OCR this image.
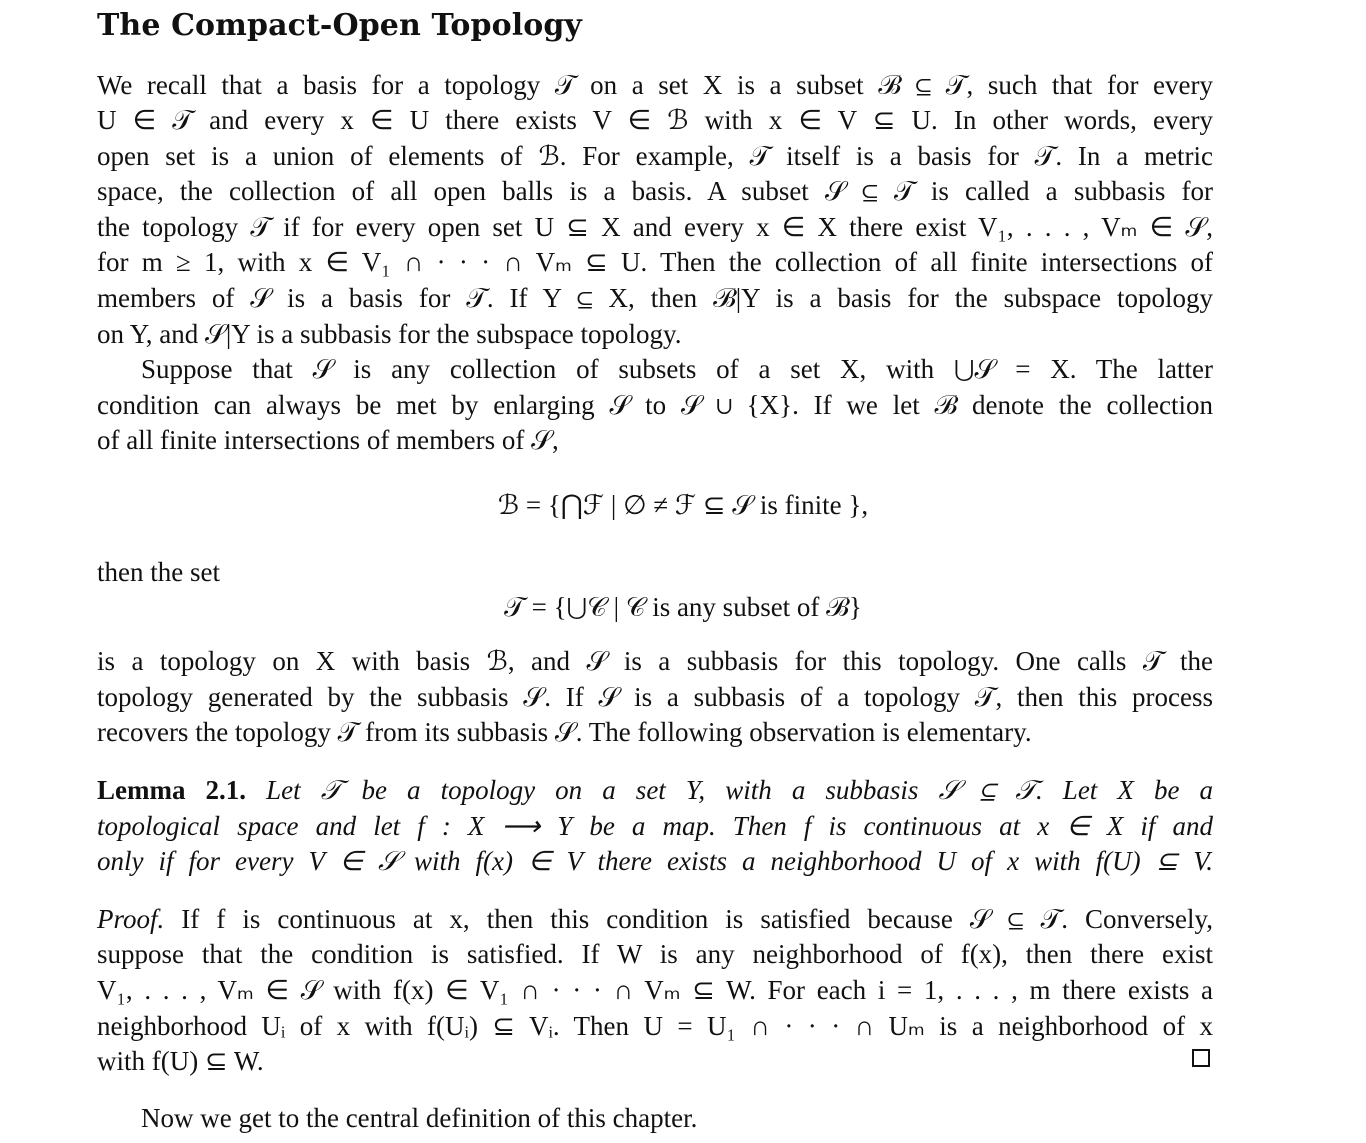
The Compact-Open Topology
We recall that a basis for a topology 𝒯 on a set X is a subset ℬ ⊆ 𝒯, such that for every
U ∈ 𝒯 and every x ∈ U there exists V ∈ ℬ with x ∈ V ⊆ U. In other words, every
open set is a union of elements of ℬ. For example, 𝒯 itself is a basis for 𝒯. In a metric
space, the collection of all open balls is a basis. A subset 𝒮 ⊆ 𝒯 is called a subbasis for
the topology 𝒯 if for every open set U ⊆ X and every x ∈ X there exist V₁, . . . , Vₘ ∈ 𝒮,
for m ≥ 1, with x ∈ V₁ ∩ · · · ∩ Vₘ ⊆ U. Then the collection of all finite intersections of
members of 𝒮 is a basis for 𝒯. If Y ⊆ X, then ℬ|Y is a basis for the subspace topology
on Y, and 𝒮|Y is a subbasis for the subspace topology.
Suppose that 𝒮 is any collection of subsets of a set X, with ⋃𝒮 = X. The latter
condition can always be met by enlarging 𝒮 to 𝒮 ∪ {X}. If we let ℬ denote the collection
of all finite intersections of members of 𝒮,
ℬ = {⋂ℱ | ∅ ≠ ℱ ⊆ 𝒮 is finite },
then the set
𝒯 = {⋃𝒞 | 𝒞 is any subset of ℬ}
is a topology on X with basis ℬ, and 𝒮 is a subbasis for this topology. One calls 𝒯 the
topology generated by the subbasis 𝒮. If 𝒮 is a subbasis of a topology 𝒯, then this process
recovers the topology 𝒯 from its subbasis 𝒮. The following observation is elementary.
Lemma 2.1. Let 𝒯 be a topology on a set Y, with a subbasis 𝒮 ⊆ 𝒯. Let X be a
topological space and let f : X ⟶ Y be a map. Then f is continuous at x ∈ X if and
only if for every V ∈ 𝒮 with f(x) ∈ V there exists a neighborhood U of x with f(U) ⊆ V.
Proof. If f is continuous at x, then this condition is satisfied because 𝒮 ⊆ 𝒯. Conversely,
suppose that the condition is satisfied. If W is any neighborhood of f(x), then there exist
V₁, . . . , Vₘ ∈ 𝒮 with f(x) ∈ V₁ ∩ · · · ∩ Vₘ ⊆ W. For each i = 1, . . . , m there exists a
neighborhood Uᵢ of x with f(Uᵢ) ⊆ Vᵢ. Then U = U₁ ∩ · · · ∩ Uₘ is a neighborhood of x
with f(U) ⊆ W.
Now we get to the central definition of this chapter.
